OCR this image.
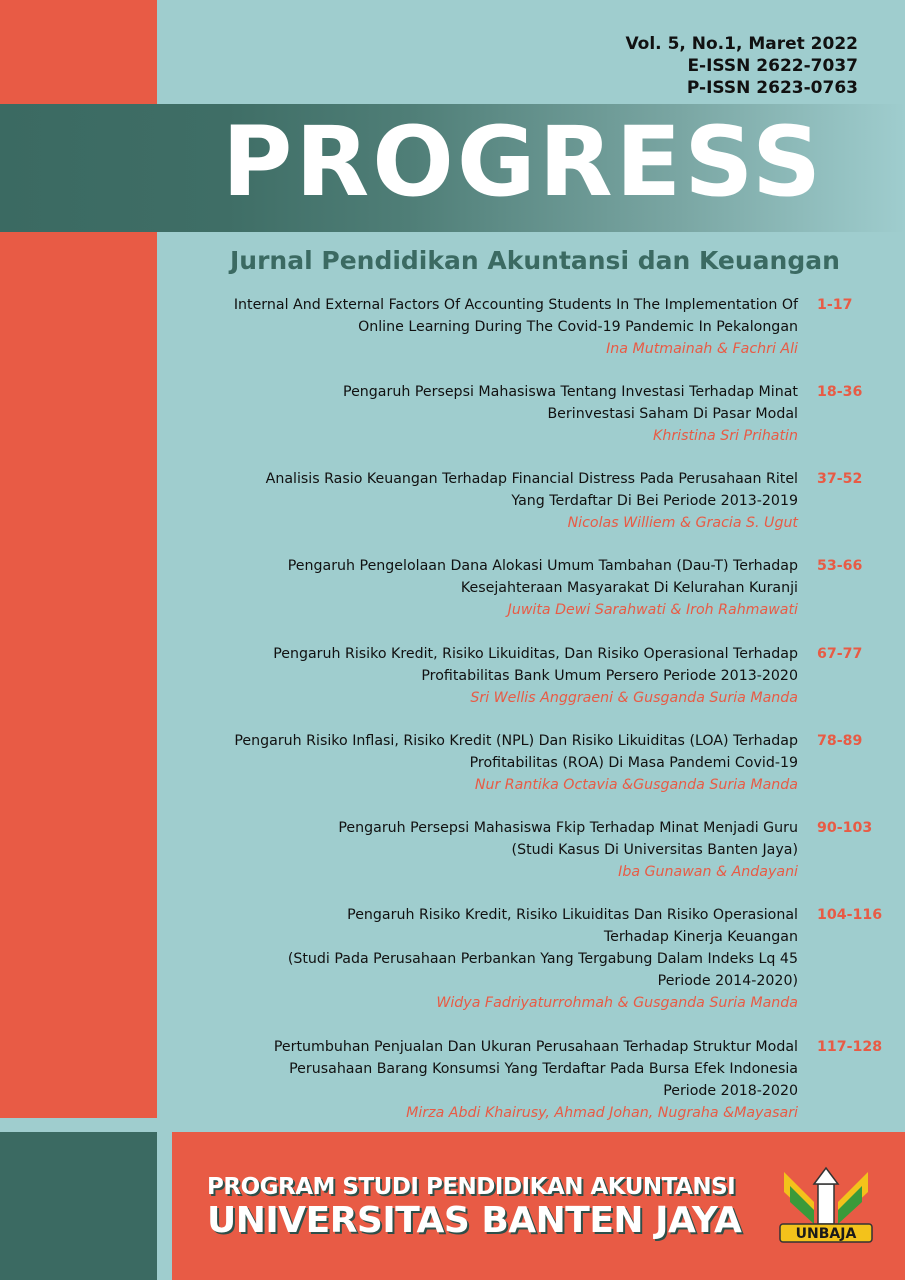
Vol. 5, No.1, Maret 2022
E-ISSN 2622-7037
P-ISSN 2623-0763
PROGRESS
Jurnal Pendidikan Akuntansi dan Keuangan
Internal And External Factors Of Accounting Students In The Implementation Of
Online Learning During The Covid-19 Pandemic In Pekalongan
Ina Mutmainah & Fachri Ali
1-17
Pengaruh Persepsi Mahasiswa Tentang Investasi Terhadap Minat
Berinvestasi Saham Di Pasar Modal
Khristina Sri Prihatin
18-36
Analisis Rasio Keuangan Terhadap Financial Distress Pada Perusahaan Ritel
Yang Terdaftar Di Bei Periode 2013-2019
Nicolas Williem & Gracia S. Ugut
37-52
Pengaruh Pengelolaan Dana Alokasi Umum Tambahan (Dau-T) Terhadap
Kesejahteraan Masyarakat Di Kelurahan Kuranji
Juwita Dewi Sarahwati & Iroh Rahmawati
53-66
Pengaruh Risiko Kredit, Risiko Likuiditas, Dan Risiko Operasional Terhadap
Profitabilitas Bank Umum Persero Periode 2013-2020
Sri Wellis Anggraeni & Gusganda Suria Manda
67-77
Pengaruh Risiko Inflasi, Risiko Kredit (NPL) Dan Risiko Likuiditas (LOA) Terhadap
Profitabilitas (ROA) Di Masa Pandemi Covid-19
Nur Rantika Octavia &Gusganda Suria Manda
78-89
Pengaruh Persepsi Mahasiswa Fkip Terhadap Minat Menjadi Guru
(Studi Kasus Di Universitas Banten Jaya)
Iba Gunawan & Andayani
90-103
Pengaruh Risiko Kredit, Risiko Likuiditas Dan Risiko Operasional
Terhadap Kinerja Keuangan
(Studi Pada Perusahaan Perbankan Yang Tergabung Dalam Indeks Lq 45
Periode 2014-2020)
Widya Fadriyaturrohmah & Gusganda Suria Manda
104-116
Pertumbuhan Penjualan Dan Ukuran Perusahaan Terhadap Struktur Modal
Perusahaan Barang Konsumsi Yang Terdaftar Pada Bursa Efek Indonesia
Periode 2018-2020
Mirza Abdi Khairusy, Ahmad Johan, Nugraha &Mayasari
117-128
PROGRAM STUDI PENDIDIKAN AKUNTANSI
UNIVERSITAS BANTEN JAYA	UNBAJA
